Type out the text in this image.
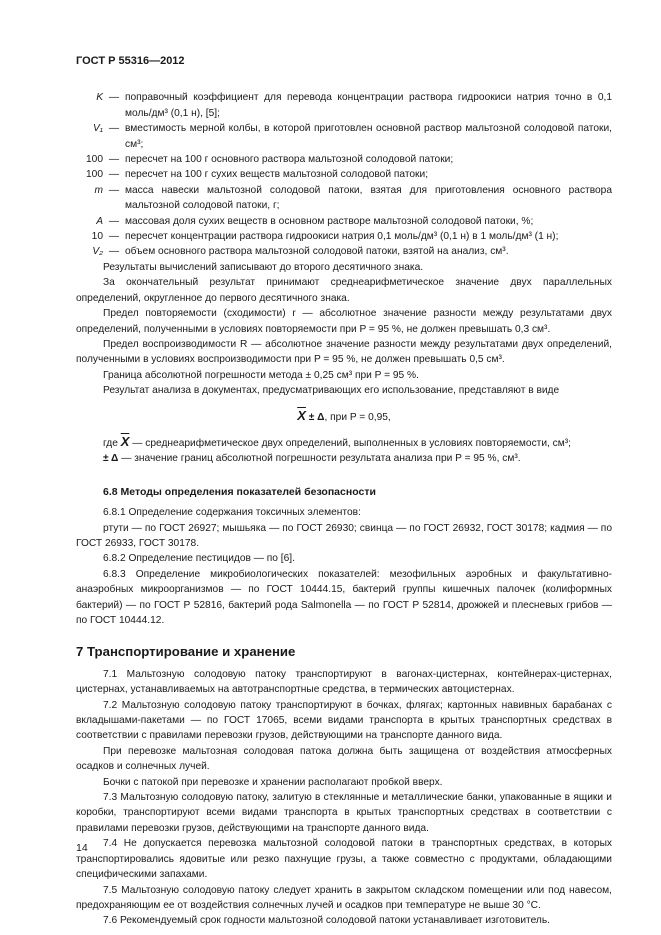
ГОСТ Р 55316—2012
K — поправочный коэффициент для перевода концентрации раствора гидроокиси натрия точно в 0,1 моль/дм³ (0,1 н), [5];
V₁ — вместимость мерной колбы, в которой приготовлен основной раствор мальтозной солодовой патоки, см³;
100 — пересчет на 100 г основного раствора мальтозной солодовой патоки;
100 — пересчет на 100 г сухих веществ мальтозной солодовой патоки;
m — масса навески мальтозной солодовой патоки, взятая для приготовления основного раствора мальтозной солодовой патоки, г;
A — массовая доля сухих веществ в основном растворе мальтозной солодовой патоки, %;
10 — пересчет концентрации раствора гидроокиси натрия 0,1 моль/дм³ (0,1 н) в 1 моль/дм³ (1 н);
V₂ — объем основного раствора мальтозной солодовой патоки, взятой на анализ, см³.

Результаты вычислений записывают до второго десятичного знака.

За окончательный результат принимают среднеарифметическое значение двух параллельных определений, округленное до первого десятичного знака.

Предел повторяемости (сходимости) r — абсолютное значение разности между результатами двух определений, полученными в условиях повторяемости при P = 95 %, не должен превышать 0,3 см³.

Предел воспроизводимости R — абсолютное значение разности между результатами двух определений, полученными в условиях воспроизводимости при P = 95 %, не должен превышать 0,5 см³.

Граница абсолютной погрешности метода ± 0,25 см³ при P = 95 %.

Результат анализа в документах, предусматривающих его использование, представляют в виде

$\overline{X} \pm \Delta$, при P = 0,95,

где $\overline{X}$ — среднеарифметическое двух определений, выполненных в условиях повторяемости, см³;

± Δ — значение границ абсолютной погрешности результата анализа при P = 95 %, см³.

6.8 Методы определения показателей безопасности

6.8.1 Определение содержания токсичных элементов:

ртути — по ГОСТ 26927; мышьяка — по ГОСТ 26930; свинца — по ГОСТ 26932, ГОСТ 30178; кадмия — по ГОСТ 26933, ГОСТ 30178.

6.8.2 Определение пестицидов — по [6].

6.8.3 Определение микробиологических показателей: мезофильных аэробных и факультативно-анаэробных микроорганизмов — по ГОСТ 10444.15, бактерий группы кишечных палочек (колиформных бактерий) — по ГОСТ Р 52816, бактерий рода Salmonella — по ГОСТ Р 52814, дрожжей и плесневых грибов — по ГОСТ 10444.12.

7 Транспортирование и хранение

7.1 Мальтозную солодовую патоку транспортируют в вагонах-цистернах, контейнерах-цистернах, цистернах, устанавливаемых на автотранспортные средства, в термических автоцистернах.

7.2 Мальтозную солодовую патоку транспортируют в бочках, флягах; картонных навивных барабанах с вкладышами-пакетами — по ГОСТ 17065, всеми видами транспорта в крытых транспортных средствах в соответствии с правилами перевозки грузов, действующими на транспорте данного вида.

При перевозке мальтозная солодовая патока должна быть защищена от воздействия атмосферных осадков и солнечных лучей.

Бочки с патокой при перевозке и хранении располагают пробкой вверх.

7.3 Мальтозную солодовую патоку, залитую в стеклянные и металлические банки, упакованные в ящики и коробки, транспортируют всеми видами транспорта в крытых транспортных средствах в соответствии с правилами перевозки грузов, действующими на транспорте данного вида.

7.4 Не допускается перевозка мальтозной солодовой патоки в транспортных средствах, в которых транспортировались ядовитые или резко пахнущие грузы, а также совместно с продуктами, обладающими специфическими запахами.

7.5 Мальтозную солодовую патоку следует хранить в закрытом складском помещении или под навесом, предохраняющим ее от воздействия солнечных лучей и осадков при температуре не выше 30 °С.

7.6 Рекомендуемый срок годности мальтозной солодовой патоки устанавливает изготовитель.

14
